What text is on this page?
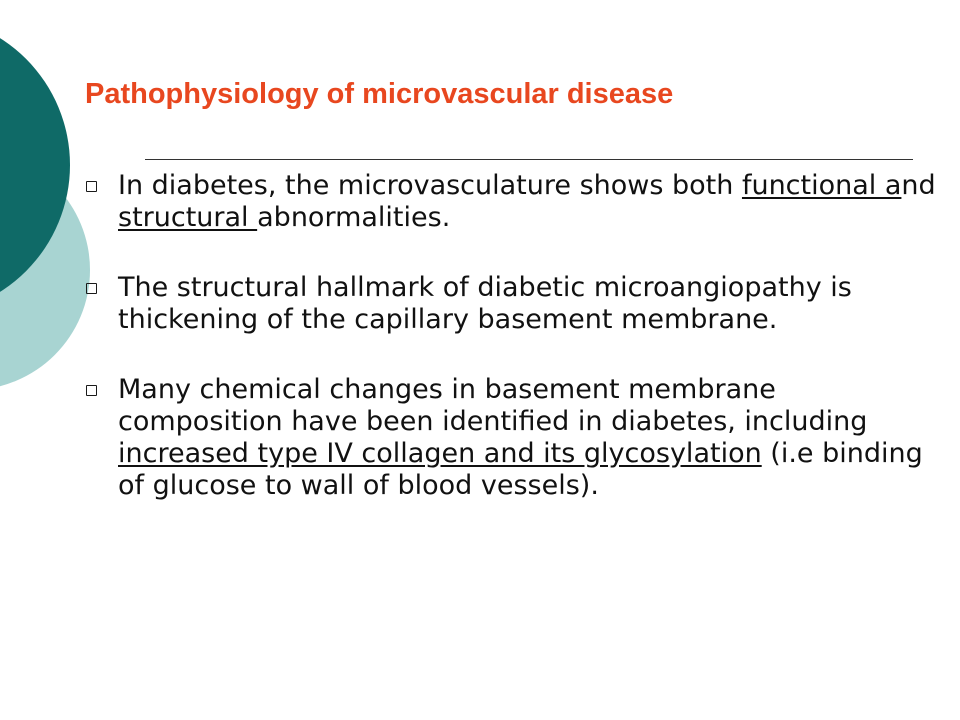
Pathophysiology of microvascular disease
In diabetes, the microvasculature shows both functional and structural abnormalities.
The structural hallmark of diabetic microangiopathy is thickening of the capillary basement membrane.
Many chemical changes in basement membrane composition have been identified in diabetes, including increased type IV collagen and its glycosylation (i.e binding of glucose to wall of blood vessels).
